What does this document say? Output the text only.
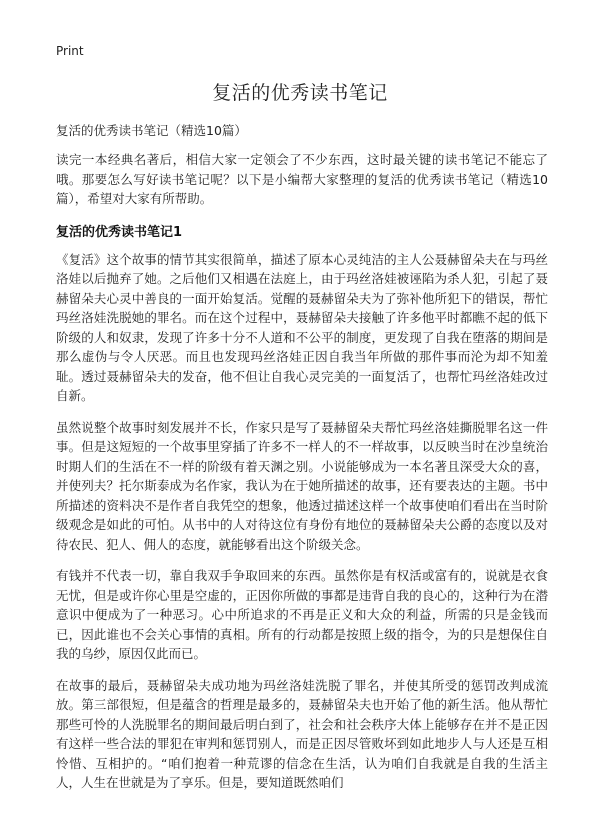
Print
复活的优秀读书笔记
复活的优秀读书笔记（精选10篇）

读完一本经典名著后，相信大家一定领会了不少东西，这时最关键的读书笔记不能忘了哦。那要怎么写好读书笔记呢？以下是小编帮大家整理的复活的优秀读书笔记（精选10篇），希望对大家有所帮助。

复活的优秀读书笔记1

《复活》这个故事的情节其实很简单，描述了原本心灵纯洁的主人公聂赫留朵夫在与玛丝洛娃以后抛弃了她。之后他们又相遇在法庭上，由于玛丝洛娃被诬陷为杀人犯，引起了聂赫留朵夫心灵中善良的一面开始复活。觉醒的聂赫留朵夫为了弥补他所犯下的错误，帮忙玛丝洛娃洗脱她的罪名。而在这个过程中，聂赫留朵夫接触了许多他平时都瞧不起的低下阶级的人和奴隶，发现了许多十分不人道和不公平的制度，更发现了自我在堕落的期间是那么虚伪与令人厌恶。而且也发现玛丝洛娃正因自我当年所做的那件事而沦为却不知羞耻。透过聂赫留朵夫的发奋，他不但让自我心灵完美的一面复活了，也帮忙玛丝洛娃改过自新。

虽然说整个故事时刻发展并不长，作家只是写了聂赫留朵夫帮忙玛丝洛娃撕脱罪名这一件事。但是这短短的一个故事里穿插了许多不一样人的不一样故事，以反映当时在沙皇统治时期人们的生活在不一样的阶级有着天渊之别。小说能够成为一本名著且深受大众的喜，并使列夫？托尔斯泰成为名作家，我认为在于她所描述的故事，还有要表达的主题。书中所描述的资料决不是作者自我凭空的想象，他透过描述这样一个故事使咱们看出在当时阶级观念是如此的可怕。从书中的人对待这位有身份有地位的聂赫留朵夫公爵的态度以及对待农民、犯人、佣人的态度，就能够看出这个阶级关念。

有钱并不代表一切，靠自我双手争取回来的东西。虽然你是有权活或富有的，说就是衣食无忧，但是或许你心里是空虚的，正因你所做的事都是违背自我的良心的，这种行为在潜意识中便成为了一种恶习。心中所追求的不再是正义和大众的利益，所需的只是金钱而已，因此谁也不会关心事情的真相。所有的行动都是按照上级的指令，为的只是想保住自我的乌纱，原因仅此而已。

在故事的最后，聂赫留朵夫成功地为玛丝洛娃洗脱了罪名，并使其所受的惩罚改判成流放。第三部很短，但是蕴含的哲理是最多的，聂赫留朵夫也开始了他的新生活。他从帮忙那些可怜的人洗脱罪名的期间最后明白到了，社会和社会秩序大体上能够存在并不是正因有这样一些合法的罪犯在审判和惩罚别人，而是正因尽管败坏到如此地步人与人还是互相怜惜、互相护的。“咱们抱着一种荒谬的信念在生活，认为咱们自我就是自我的生活主人，人生在世就是为了享乐。但是，要知道既然咱们
